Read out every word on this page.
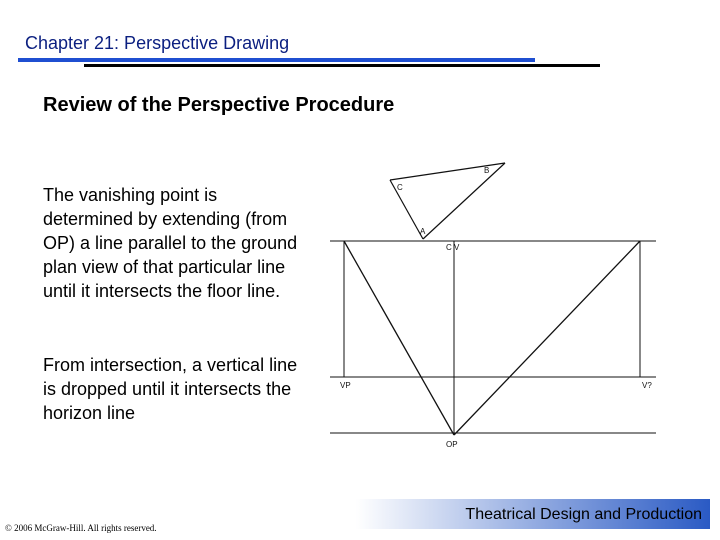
Chapter 21: Perspective Drawing
Review of the Perspective Procedure
The vanishing point is determined by extending (from OP) a line parallel to the ground plan view of that particular line until it intersects the floor line.
From intersection, a vertical line is dropped until it intersects the horizon line
B
C
A
C V
VP	V?
OP
Theatrical Design and Production
© 2006 McGraw-Hill. All rights reserved.
